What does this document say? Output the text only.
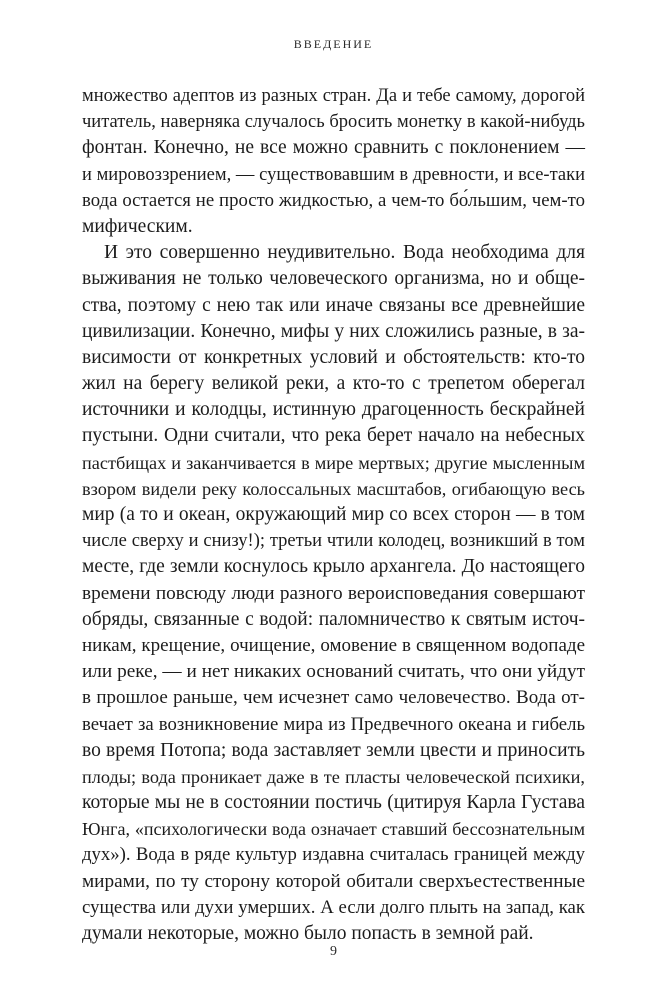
ВВЕДЕНИЕ
множество адептов из разных стран. Да и тебе самому, дорогой
читатель, наверняка случалось бросить монетку в какой-нибудь
фонтан. Конечно, не все можно сравнить с поклонением —
и мировоззрением, — существовавшим в древности, и все-таки
вода остается не просто жидкостью, а чем-то бо́льшим, чем-то
мифическим.
И это совершенно неудивительно. Вода необходима для
выживания не только человеческого организма, но и обще-
ства, поэтому с нею так или иначе связаны все древнейшие
цивилизации. Конечно, мифы у них сложились разные, в за-
висимости от конкретных условий и обстоятельств: кто-то
жил на берегу великой реки, а кто-то с трепетом оберегал
источники и колодцы, истинную драгоценность бескрайней
пустыни. Одни считали, что река берет начало на небесных
пастбищах и заканчивается в мире мертвых; другие мысленным
взором видели реку колоссальных масштабов, огибающую весь
мир (а то и океан, окружающий мир со всех сторон — в том
числе сверху и снизу!); третьи чтили колодец, возникший в том
месте, где земли коснулось крыло архангела. До настоящего
времени повсюду люди разного вероисповедания совершают
обряды, связанные с водой: паломничество к святым источ-
никам, крещение, очищение, омовение в священном водопаде
или реке, — и нет никаких оснований считать, что они уйдут
в прошлое раньше, чем исчезнет само человечество. Вода от-
вечает за возникновение мира из Предвечного океана и гибель
во время Потопа; вода заставляет земли цвести и приносить
плоды; вода проникает даже в те пласты человеческой психики,
которые мы не в состоянии постичь (цитируя Карла Густава
Юнга, «психологически вода означает ставший бессознательным
дух»). Вода в ряде культур издавна считалась границей между
мирами, по ту сторону которой обитали сверхъестественные
существа или духи умерших. А если долго плыть на запад, как
думали некоторые, можно было попасть в земной рай.
9
